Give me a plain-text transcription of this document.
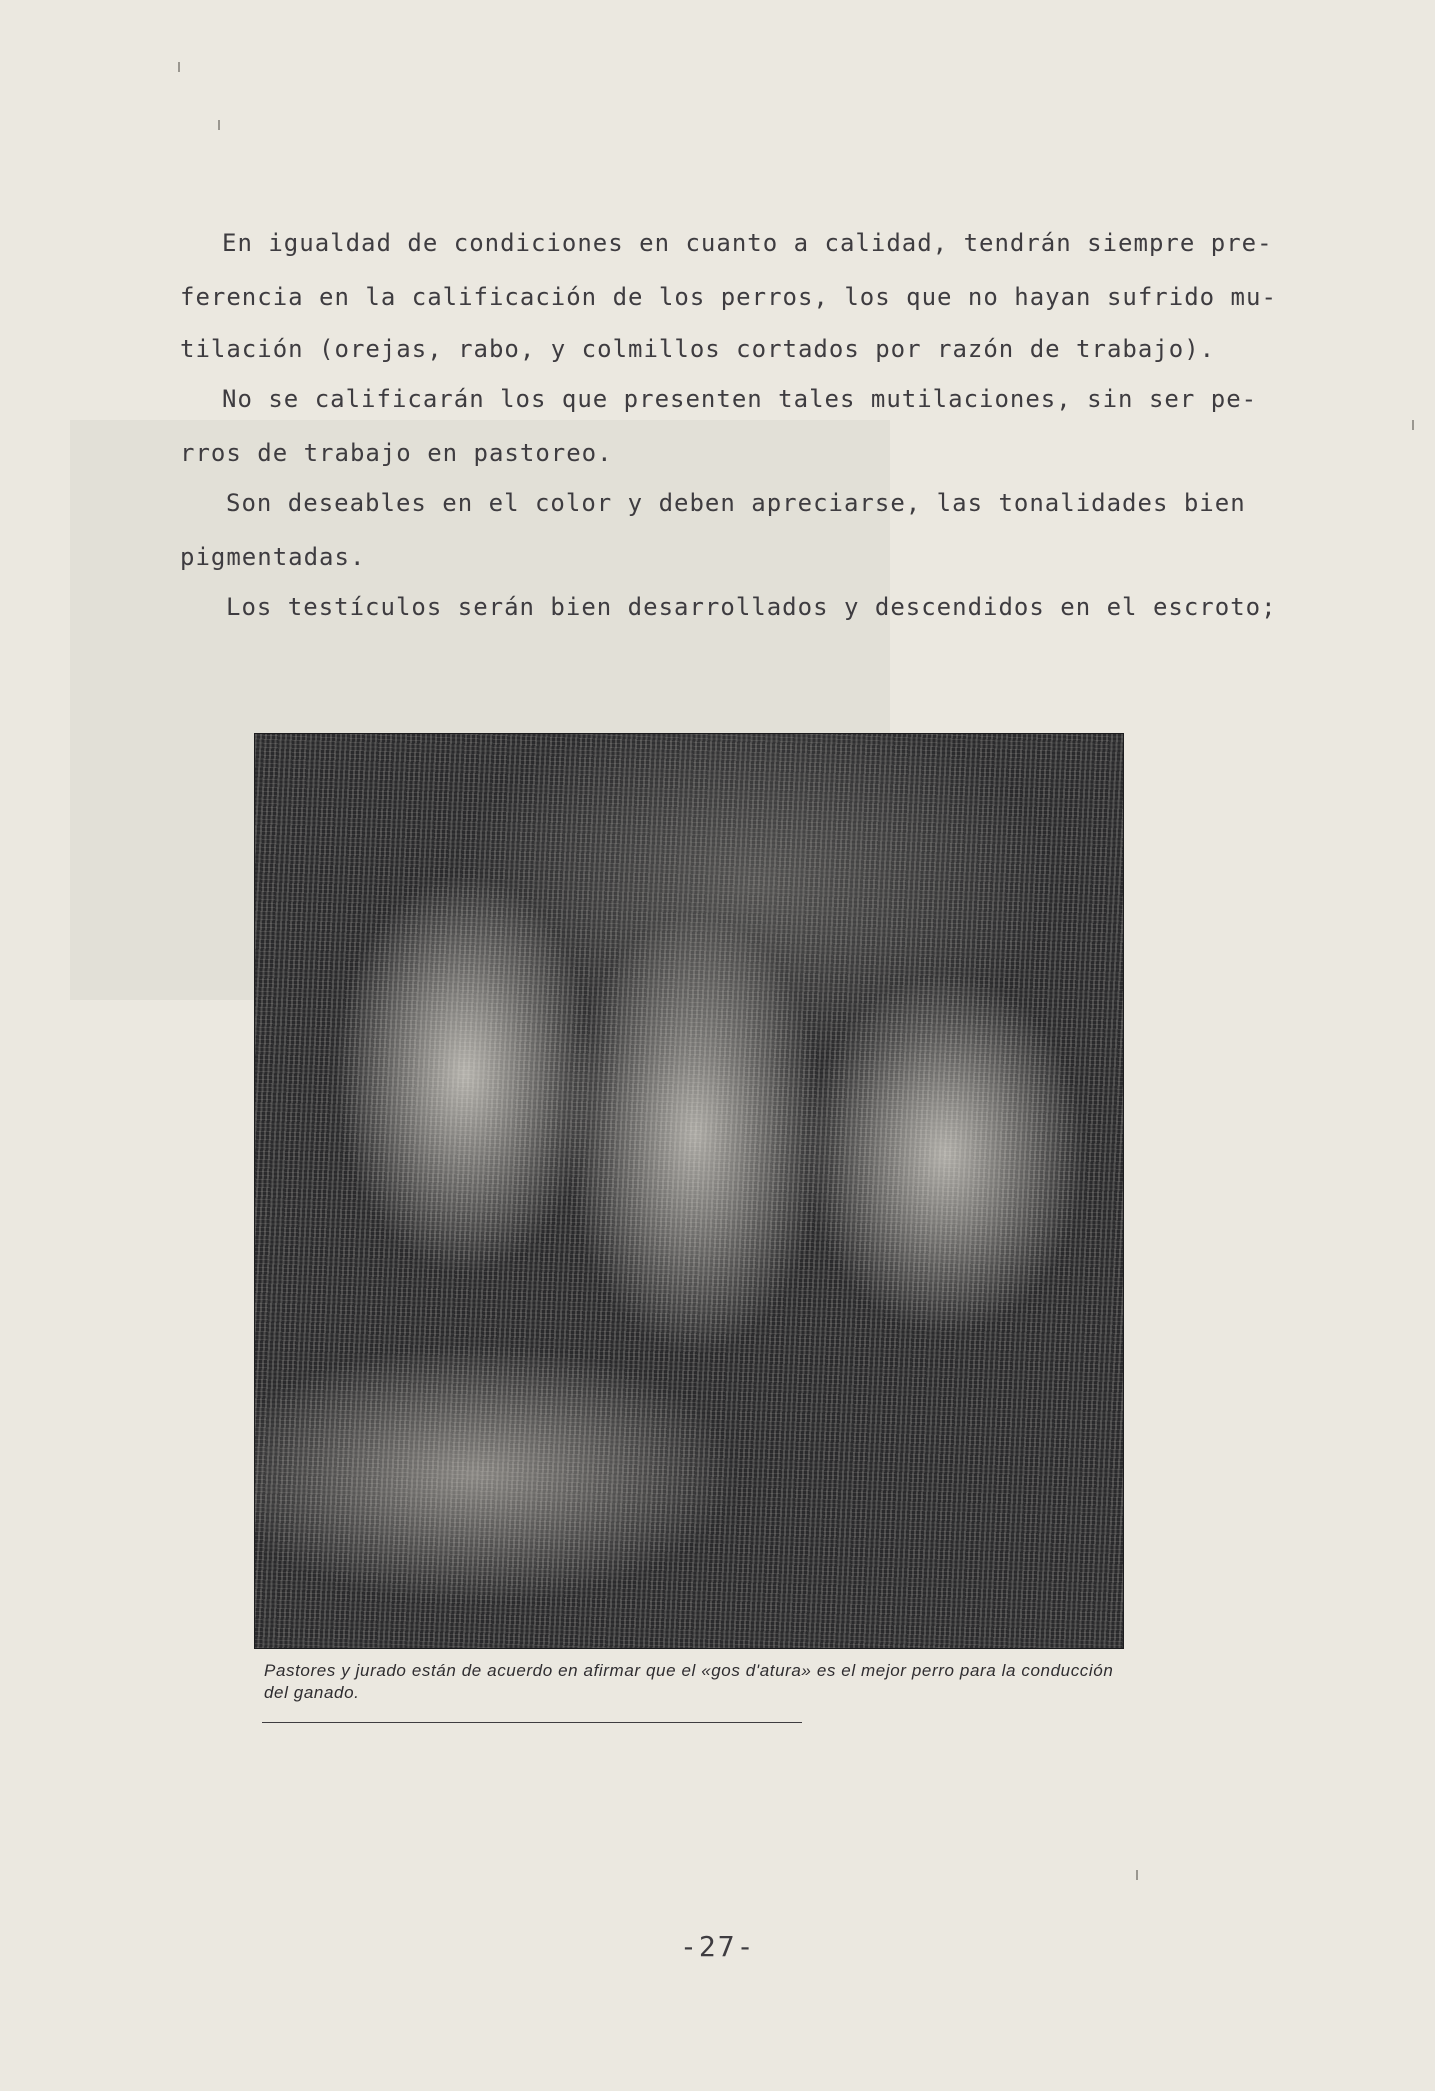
En igualdad de condiciones en cuanto a calidad, tendrán siempre pre-
ferencia en la calificación de los perros, los que no hayan sufrido mu-
tilación (orejas, rabo, y colmillos cortados por razón de trabajo).
No se calificarán los que presenten tales mutilaciones, sin ser pe-
rros de trabajo en pastoreo.
Son deseables en el color y deben apreciarse, las tonalidades bien
pigmentadas.
Los testículos serán bien desarrollados y descendidos en el escroto;
Pastores y jurado están de acuerdo en afirmar que el «gos d'atura» es el mejor perro para la conducción del ganado.
-27-
